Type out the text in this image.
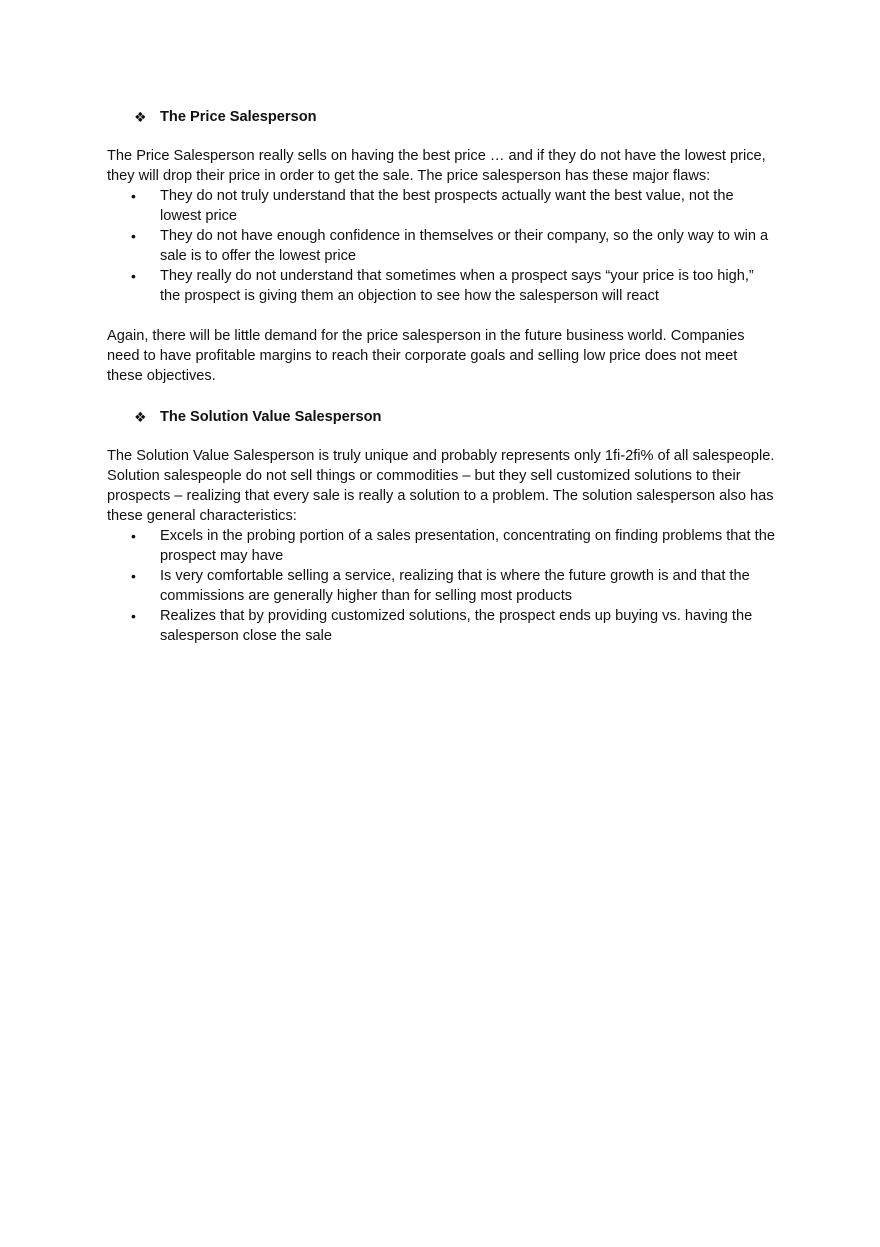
❖ The Price Salesperson

The Price Salesperson really sells on having the best price … and if they do not have the lowest price, they will drop their price in order to get the sale. The price salesperson has these major flaws:

• They do not truly understand that the best prospects actually want the best value, not the lowest price
• They do not have enough confidence in themselves or their company, so the only way to win a sale is to offer the lowest price
• They really do not understand that sometimes when a prospect says “your price is too high,” the prospect is giving them an objection to see how the salesperson will react

Again, there will be little demand for the price salesperson in the future business world. Companies need to have profitable margins to reach their corporate goals and selling low price does not meet these objectives.

❖ The Solution Value Salesperson

The Solution Value Salesperson is truly unique and probably represents only 1ﬁ-2ﬁ% of all salespeople. Solution salespeople do not sell things or commodities – but they sell customized solutions to their prospects – realizing that every sale is really a solution to a problem. The solution salesperson also has these general characteristics:

• Excels in the probing portion of a sales presentation, concentrating on finding problems that the prospect may have
• Is very comfortable selling a service, realizing that is where the future growth is and that the commissions are generally higher than for selling most products
• Realizes that by providing customized solutions, the prospect ends up buying vs. having the salesperson close the sale
